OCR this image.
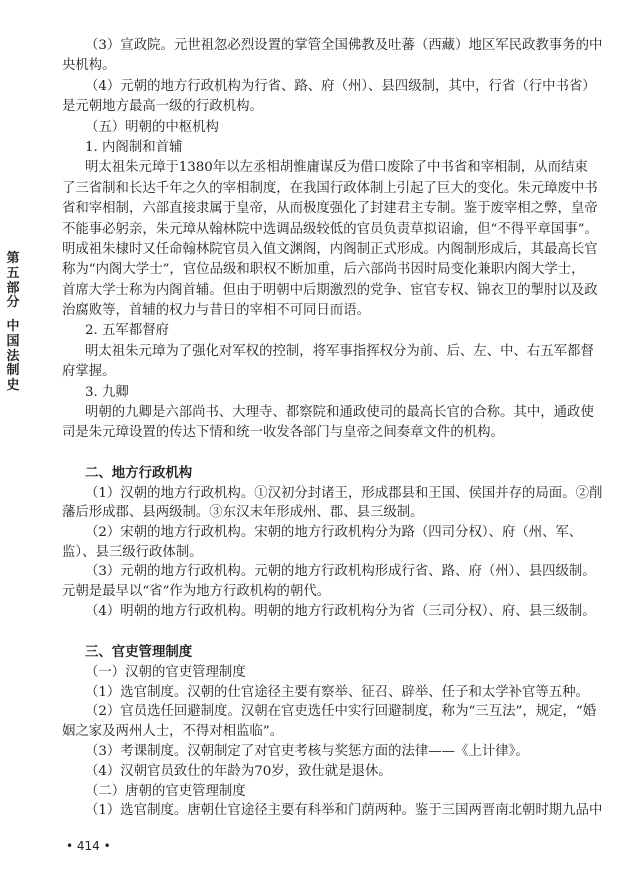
第
五
部
分
中
国
法
制
史
（3）宣政院。元世祖忽必烈设置的掌管全国佛教及吐蕃（西藏）地区军民政教事务的中
央机构。
（4）元朝的地方行政机构为行省、路、府（州）、县四级制，其中，行省（行中书省）
是元朝地方最高一级的行政机构。
（五）明朝的中枢机构
1. 内阁制和首辅
明太祖朱元璋于1380年以左丞相胡惟庸谋反为借口废除了中书省和宰相制，从而结束
了三省制和长达千年之久的宰相制度，在我国行政体制上引起了巨大的变化。朱元璋废中书
省和宰相制，六部直接隶属于皇帝，从而极度强化了封建君主专制。鉴于废宰相之弊，皇帝
不能事必躬亲，朱元璋从翰林院中选调品级较低的官员负责草拟诏谕，但“不得平章国事”。
明成祖朱棣时又任命翰林院官员入值文渊阁，内阁制正式形成。内阁制形成后，其最高长官
称为“内阁大学士”，官位品级和职权不断加重，后六部尚书因时局变化兼职内阁大学士，
首席大学士称为内阁首辅。但由于明朝中后期激烈的党争、宦官专权、锦衣卫的掣肘以及政
治腐败等，首辅的权力与昔日的宰相不可同日而语。
2. 五军都督府
明太祖朱元璋为了强化对军权的控制，将军事指挥权分为前、后、左、中、右五军都督
府掌握。
3. 九卿
明朝的九卿是六部尚书、大理寺、都察院和通政使司的最高长官的合称。其中，通政使
司是朱元璋设置的传达下情和统一收发各部门与皇帝之间奏章文件的机构。
二、地方行政机构
（1）汉朝的地方行政机构。①汉初分封诸王，形成郡县和王国、侯国并存的局面。②削
藩后形成郡、县两级制。③东汉末年形成州、郡、县三级制。
（2）宋朝的地方行政机构。宋朝的地方行政机构分为路（四司分权）、府（州、军、
监）、县三级行政体制。
（3）元朝的地方行政机构。元朝的地方行政机构形成行省、路、府（州）、县四级制。
元朝是最早以“省”作为地方行政机构的朝代。
（4）明朝的地方行政机构。明朝的地方行政机构分为省（三司分权）、府、县三级制。
三、官吏管理制度
（一）汉朝的官吏管理制度
（1）选官制度。汉朝的仕官途径主要有察举、征召、辟举、任子和太学补官等五种。
（2）官员选任回避制度。汉朝在官吏选任中实行回避制度，称为“三互法”，规定，“婚
姻之家及两州人士，不得对相监临”。
（3）考课制度。汉朝制定了对官吏考核与奖惩方面的法律——《上计律》。
（4）汉朝官员致仕的年龄为70岁，致仕就是退休。
（二）唐朝的官吏管理制度
（1）选官制度。唐朝仕官途径主要有科举和门荫两种。鉴于三国两晋南北朝时期九品中
• 414 •
